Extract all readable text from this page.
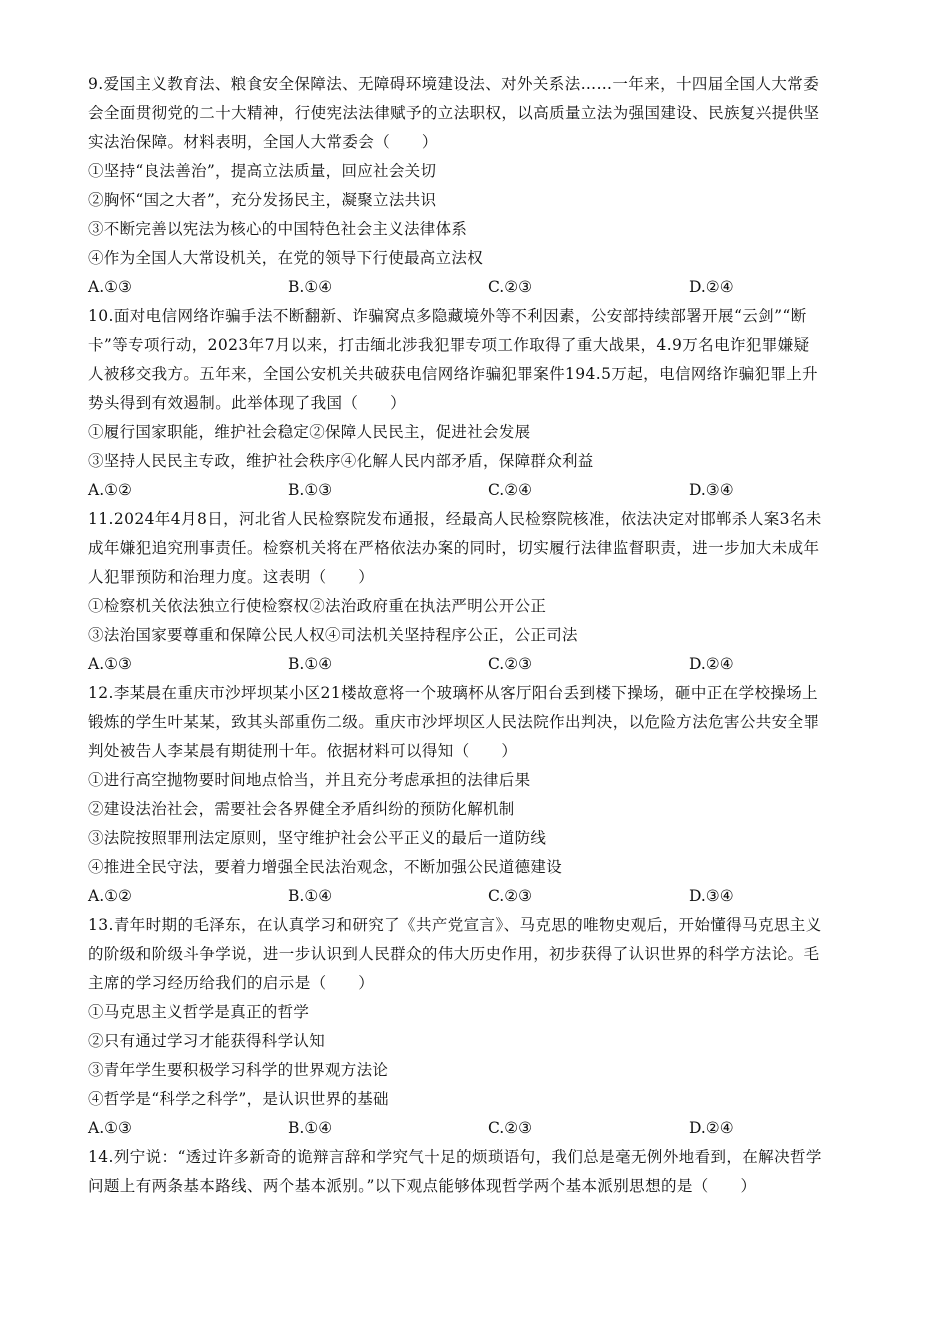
9.爱国主义教育法、粮食安全保障法、无障碍环境建设法、对外关系法……一年来，十四届全国人大常委
会全面贯彻党的二十大精神，行使宪法法律赋予的立法职权，以高质量立法为强国建设、民族复兴提供坚
实法治保障。材料表明，全国人大常委会（　　）
①坚持“良法善治”，提高立法质量，回应社会关切
②胸怀“国之大者”，充分发扬民主，凝聚立法共识
③不断完善以宪法为核心的中国特色社会主义法律体系
④作为全国人大常设机关，在党的领导下行使最高立法权
A.①③	B.①④	C.②③	D.②④
10.面对电信网络诈骗手法不断翻新、诈骗窝点多隐藏境外等不利因素，公安部持续部署开展“云剑”“断
卡”等专项行动，2023年7月以来，打击缅北涉我犯罪专项工作取得了重大战果，4.9万名电诈犯罪嫌疑
人被移交我方。五年来，全国公安机关共破获电信网络诈骗犯罪案件194.5万起，电信网络诈骗犯罪上升
势头得到有效遏制。此举体现了我国（　　）
①履行国家职能，维护社会稳定②保障人民民主，促进社会发展
③坚持人民民主专政，维护社会秩序④化解人民内部矛盾，保障群众利益
A.①②	B.①③	C.②④	D.③④
11.2024年4月8日，河北省人民检察院发布通报，经最高人民检察院核准，依法决定对邯郸杀人案3名未
成年嫌犯追究刑事责任。检察机关将在严格依法办案的同时，切实履行法律监督职责，进一步加大未成年
人犯罪预防和治理力度。这表明（　　）
①检察机关依法独立行使检察权②法治政府重在执法严明公开公正
③法治国家要尊重和保障公民人权④司法机关坚持程序公正，公正司法
A.①③	B.①④	C.②③	D.②④
12.李某晨在重庆市沙坪坝某小区21楼故意将一个玻璃杯从客厅阳台丢到楼下操场，砸中正在学校操场上
锻炼的学生叶某某，致其头部重伤二级。重庆市沙坪坝区人民法院作出判决，以危险方法危害公共安全罪
判处被告人李某晨有期徒刑十年。依据材料可以得知（　　）
①进行高空抛物要时间地点恰当，并且充分考虑承担的法律后果
②建设法治社会，需要社会各界健全矛盾纠纷的预防化解机制
③法院按照罪刑法定原则，坚守维护社会公平正义的最后一道防线
④推进全民守法，要着力增强全民法治观念，不断加强公民道德建设
A.①②	B.①④	C.②③	D.③④
13.青年时期的毛泽东，在认真学习和研究了《共产党宣言》、马克思的唯物史观后，开始懂得马克思主义
的阶级和阶级斗争学说，进一步认识到人民群众的伟大历史作用，初步获得了认识世界的科学方法论。毛
主席的学习经历给我们的启示是（　　）
①马克思主义哲学是真正的哲学
②只有通过学习才能获得科学认知
③青年学生要积极学习科学的世界观方法论
④哲学是“科学之科学”，是认识世界的基础
A.①③	B.①④	C.②③	D.②④
14.列宁说：“透过许多新奇的诡辩言辞和学究气十足的烦琐语句，我们总是毫无例外地看到，在解决哲学
问题上有两条基本路线、两个基本派别。”以下观点能够体现哲学两个基本派别思想的是（　　）
